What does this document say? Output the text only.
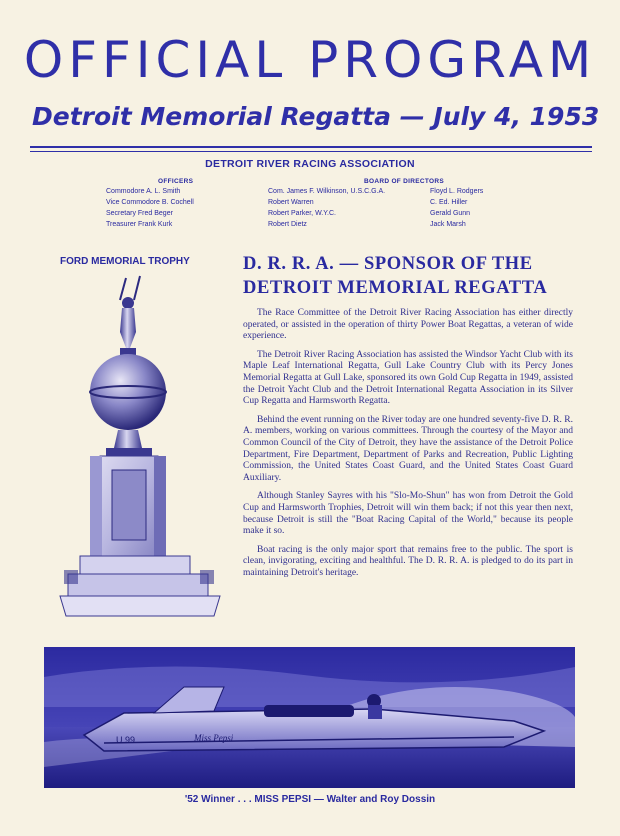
OFFICIAL PROGRAM
Detroit Memorial Regatta — July 4, 1953
DETROIT RIVER RACING ASSOCIATION
OFFICERS
Commodore A. L. Smith
Vice Commodore B. Cochell
Secretary Fred Beger
Treasurer Frank Kurk
BOARD OF DIRECTORS
Com. James F. Wilkinson, U.S.C.G.A.
Robert Warren
Robert Parker, W.Y.C.
Robert Dietz
Floyd L. Rodgers
C. Ed. Hiller
Gerald Gunn
Jack Marsh
FORD MEMORIAL TROPHY	D. R. R. A. — SPONSOR OF THE DETROIT MEMORIAL REGATTA

The Race Committee of the Detroit River Racing Association has either directly operated, or assisted in the operation of thirty Power Boat Regattas, a veteran of wide experience.

The Detroit River Racing Association has assisted the Windsor Yacht Club with its Maple Leaf International Regatta, Gull Lake Country Club with its Percy Jones Memorial Regatta at Gull Lake, sponsored its own Gold Cup Regatta in 1949, assisted the Detroit Yacht Club and the Detroit International Regatta Association in its Silver Cup Regatta and Harmsworth Regatta.

Behind the event running on the River today are one hundred seventy-five D. R. R. A. members, working on various committees. Through the courtesy of the Mayor and Common Council of the City of Detroit, they have the assistance of the Detroit Police Department, Fire Department, Department of Parks and Recreation, Public Lighting Commission, the United States Coast Guard, and the United States Coast Guard Auxiliary.

Although Stanley Sayres with his "Slo-Mo-Shun" has won from Detroit the Gold Cup and Harmsworth Trophies, Detroit will win them back; if not this year then next, because Detroit is still the "Boat Racing Capital of the World," because its people make it so.

Boat racing is the only major sport that remains free to the public. The sport is clean, invigorating, exciting and healthful. The D. R. R. A. is pledged to do its part in maintaining Detroit's heritage.

U 99	Miss Pepsi
'52 Winner . . . MISS PEPSI — Walter and Roy Dossin
